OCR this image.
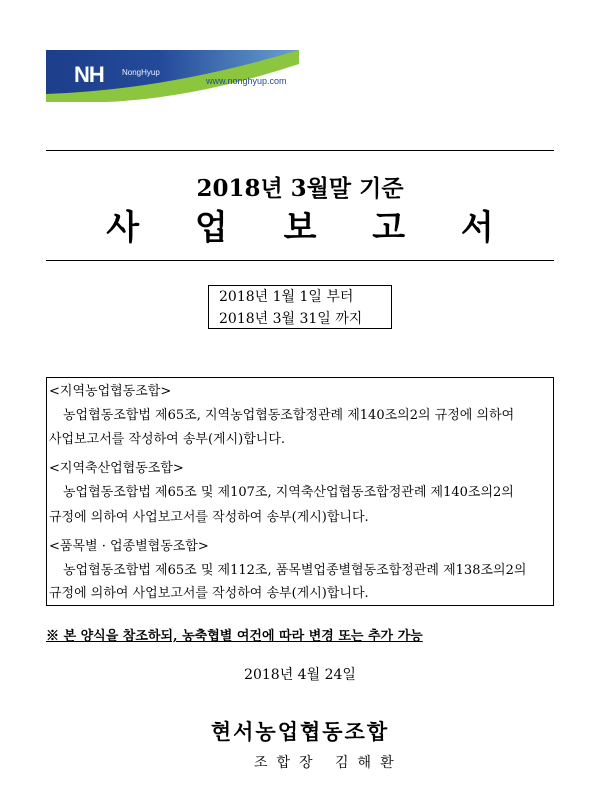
NH NongHyup
www.nonghyup.com
2018년 3월말 기준
사 업 보 고 서
2018년 1월 1일 부터
2018년 3월 31일 까지
<지역농업협동조합>
농업협동조합법 제65조, 지역농업협동조합정관례 제140조의2의 규정에 의하여
사업보고서를 작성하여 송부(게시)합니다.
<지역축산업협동조합>
농업협동조합법 제65조 및 제107조, 지역축산업협동조합정관례 제140조의2의
규정에 의하여 사업보고서를 작성하여 송부(게시)합니다.
<품목별 · 업종별협동조합>
농업협동조합법 제65조 및 제112조, 품목별업종별협동조합정관례 제138조의2의
규정에 의하여 사업보고서를 작성하여 송부(게시)합니다.
※ 본 양식을 참조하되, 농축협별 여건에 따라 변경 또는 추가 가능
2018년 4월 24일
현서농업협동조합
조합장 김해환
